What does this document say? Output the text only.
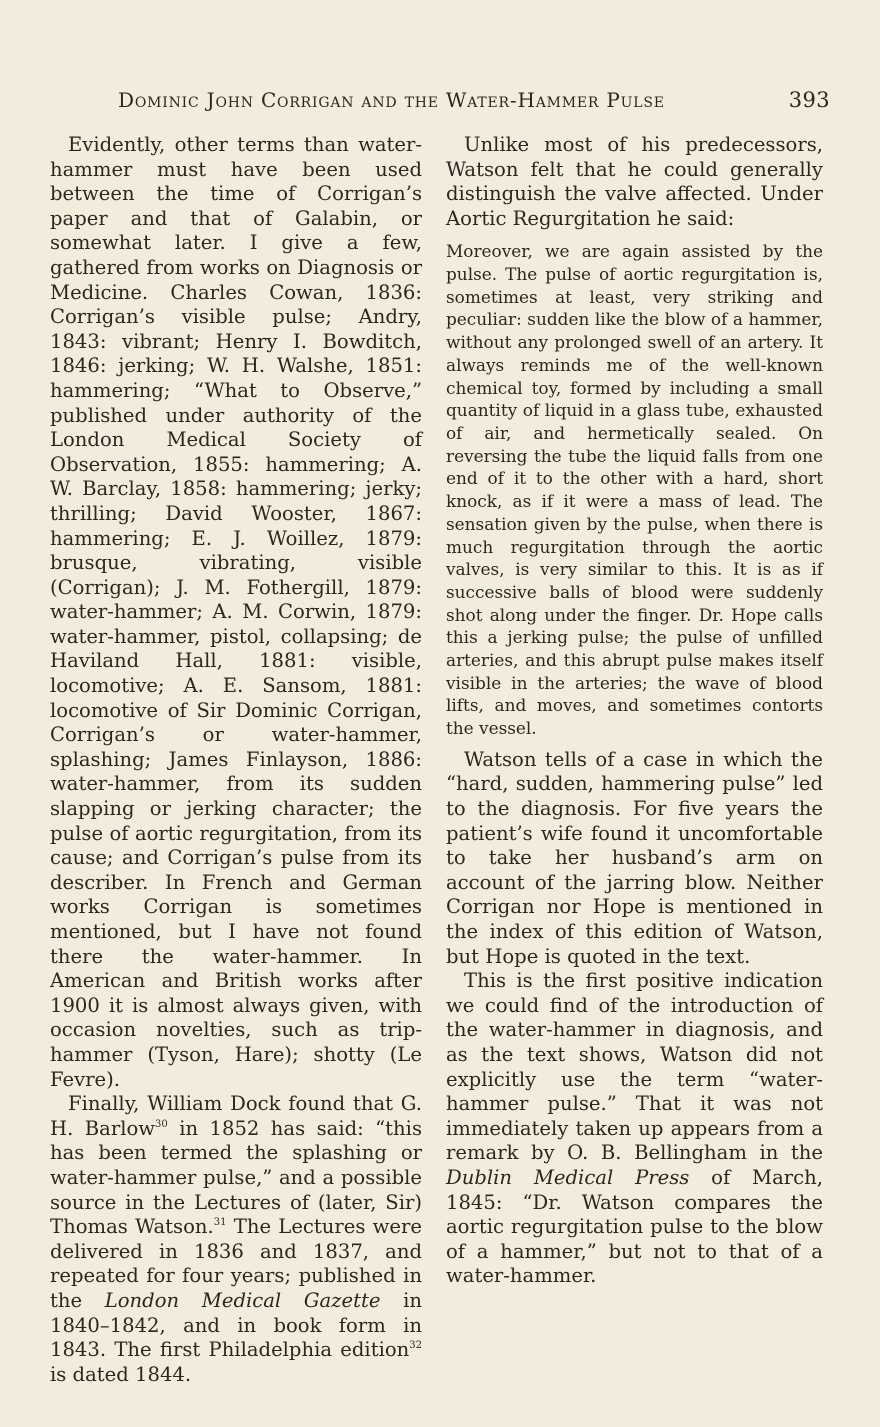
Dominic John Corrigan and the Water-Hammer Pulse	393

Evidently, other terms than water-hammer must have been used between the time of Corrigan’s paper and that of Galabin, or somewhat later. I give a few, gathered from works on Diagnosis or Medicine. Charles Cowan, 1836: Corrigan’s visible pulse; Andry, 1843: vibrant; Henry I. Bowditch, 1846: jerking; W. H. Walshe, 1851: hammering; “What to Observe,” published under authority of the London Medical Society of Observation, 1855: hammering; A. W. Barclay, 1858: hammering; jerky; thrilling; David Wooster, 1867: hammering; E. J. Woillez, 1879: brusque, vibrating, visible (Corrigan); J. M. Fothergill, 1879: water-hammer; A. M. Corwin, 1879: water-hammer, pistol, collapsing; de Haviland Hall, 1881: visible, locomotive; A. E. Sansom, 1881: locomotive of Sir Dominic Corrigan, Corrigan’s or water-hammer, splashing; James Finlayson, 1886: water-hammer, from its sudden slapping or jerking character; the pulse of aortic regurgitation, from its cause; and Corrigan’s pulse from its describer. In French and German works Corrigan is sometimes mentioned, but I have not found there the water-hammer. In American and British works after 1900 it is almost always given, with occasion novelties, such as trip-hammer (Tyson, Hare); shotty (Le Fevre).

Finally, William Dock found that G. H. Barlow$^{30}$ in 1852 has said: “this has been termed the splashing or water-hammer pulse,” and a possible source in the Lectures of (later, Sir) Thomas Watson.$^{31}$ The Lectures were delivered in 1836 and 1837, and repeated for four years; published in the London Medical Gazette in 1840–1842, and in book form in 1843. The first Philadelphia edition$^{32}$ is dated 1844.

Unlike most of his predecessors, Watson felt that he could generally distinguish the valve affected. Under Aortic Regurgitation he said:

Moreover, we are again assisted by the pulse. The pulse of aortic regurgitation is, sometimes at least, very striking and peculiar: sudden like the blow of a hammer, without any prolonged swell of an artery. It always reminds me of the well-known chemical toy, formed by including a small quantity of liquid in a glass tube, exhausted of air, and hermetically sealed. On reversing the tube the liquid falls from one end of it to the other with a hard, short knock, as if it were a mass of lead. The sensation given by the pulse, when there is much regurgitation through the aortic valves, is very similar to this. It is as if successive balls of blood were suddenly shot along under the finger. Dr. Hope calls this a jerking pulse; the pulse of unfilled arteries, and this abrupt pulse makes itself visible in the arteries; the wave of blood lifts, and moves, and sometimes contorts the vessel.

Watson tells of a case in which the “hard, sudden, hammering pulse” led to the diagnosis. For five years the patient’s wife found it uncomfortable to take her husband’s arm on account of the jarring blow. Neither Corrigan nor Hope is mentioned in the index of this edition of Watson, but Hope is quoted in the text.

This is the first positive indication we could find of the introduction of the water-hammer in diagnosis, and as the text shows, Watson did not explicitly use the term “water-hammer pulse.” That it was not immediately taken up appears from a remark by O. B. Bellingham in the Dublin Medical Press of March, 1845: “Dr. Watson compares the aortic regurgitation pulse to the blow of a hammer,” but not to that of a water-hammer.
